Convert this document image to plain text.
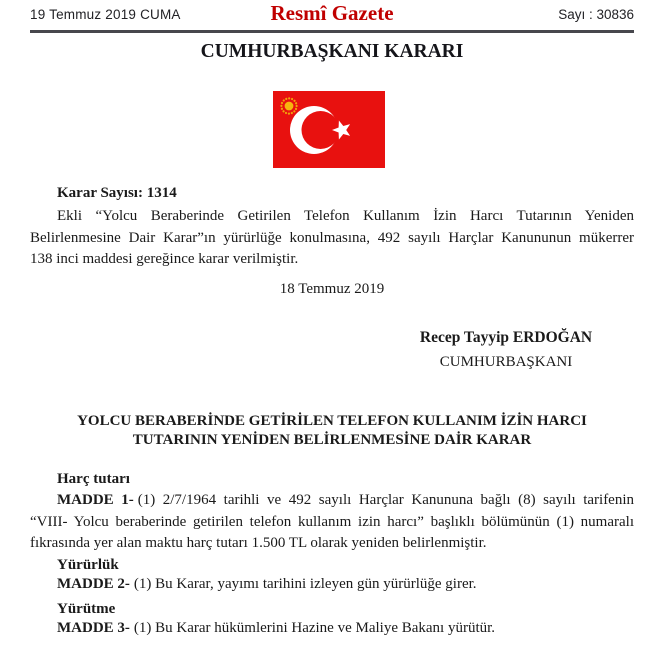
19 Temmuz 2019 CUMA	Resmî Gazete	Sayı : 30836
CUMHURBAŞKANI KARARI
Karar Sayısı: 1314
Ekli “Yolcu Beraberinde Getirilen Telefon Kullanım İzin Harcı Tutarının Yeniden
Belirlenmesine Dair Karar”ın yürürlüğe konulmasına, 492 sayılı Harçlar Kanununun mükerrer
138 inci maddesi gereğince karar verilmiştir.
18 Temmuz 2019
Recep Tayyip ERDOĞAN
CUMHURBAŞKANI
YOLCU BERABERİNDE GETİRİLEN TELEFON KULLANIM İZİN HARCI
TUTARININ YENİDEN BELİRLENMESİNE DAİR KARAR
Harç tutarı
MADDE 1- (1) 2/7/1964 tarihli ve 492 sayılı Harçlar Kanununa bağlı (8) sayılı tarifenin
“VIII- Yolcu beraberinde getirilen telefon kullanım izin harcı” başlıklı bölümünün (1) numaralı
fıkrasında yer alan maktu harç tutarı 1.500 TL olarak yeniden belirlenmiştir.
Yürürlük
MADDE 2- (1) Bu Karar, yayımı tarihini izleyen gün yürürlüğe girer.
Yürütme
MADDE 3- (1) Bu Karar hükümlerini Hazine ve Maliye Bakanı yürütür.
